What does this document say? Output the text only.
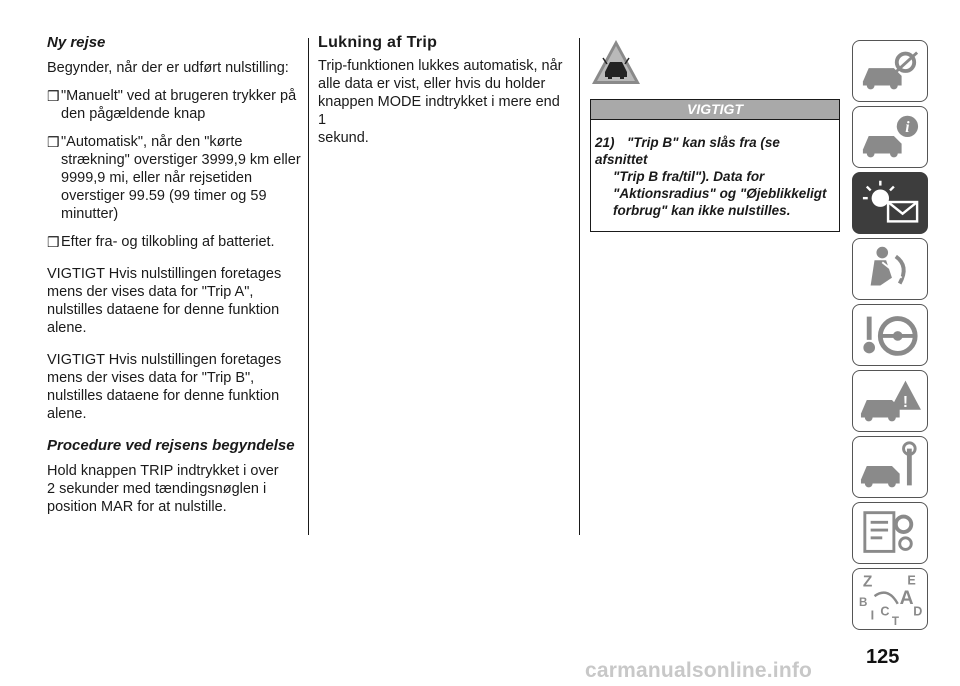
Ny rejse

Begynder, når der er udført nulstilling:

❒ "Manuelt" ved at brugeren trykker på
den pågældende knap
❒ "Automatisk", når den "kørte
strækning" overstiger 3999,9 km eller
9999,9 mi, eller når rejsetiden
overstiger 99.59 (99 timer og 59
minutter)
❒ Efter fra- og tilkobling af batteriet.

VIGTIGT Hvis nulstillingen foretages
mens der vises data for "Trip A",
nulstilles dataene for denne funktion
alene.

VIGTIGT Hvis nulstillingen foretages
mens der vises data for "Trip B",
nulstilles dataene for denne funktion
alene.

Procedure ved rejsens begyndelse

Hold knappen TRIP indtrykket i over
2 sekunder med tændingsnøglen i
position MAR for at nulstille.

Lukning af Trip

Trip-funktionen lukkes automatisk, når
alle data er vist, eller hvis du holder
knappen MODE indtrykket i mere end 1
sekund.

VIGTIGT
21) "Trip B" kan slås fra (se afsnittet
"Trip B fra/til"). Data for
"Aktionsradius" og "Øjeblikkeligt
forbrug" kan ikke nulstilles.
i
!
Z	E
B A
I C D
T
125
carmanualsonline.info
